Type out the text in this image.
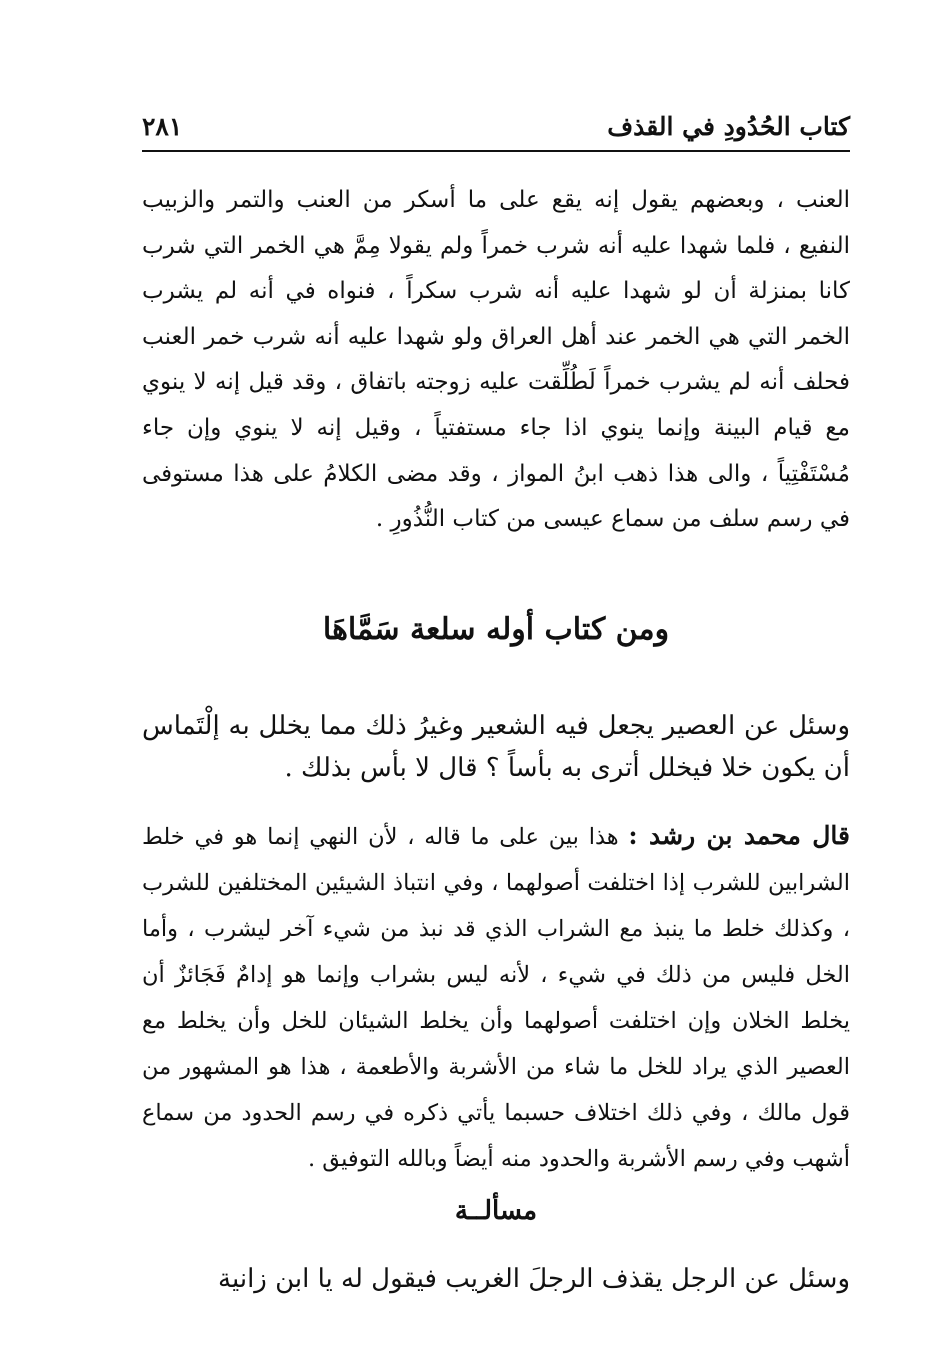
كتاب الحُدُودِ في القذف
٢٨١

العنب ، وبعضهم يقول إنه يقع على ما أسكر من العنب والتمر والزبيب النفيع ، فلما شهدا عليه أنه شرب خمراً ولم يقولا مِمَّ هي الخمر التي شرب كانا بمنزلة أن لو شهدا عليه أنه شرب سكراً ، فنواه في أنه لم يشرب الخمر التي هي الخمر عند أهل العراق ولو شهدا عليه أنه شرب خمر العنب فحلف أنه لم يشرب خمراً لَطُلِّقت عليه زوجته باتفاق ، وقد قيل إنه لا ينوي مع قيام البينة وإنما ينوي اذا جاء مستفتياً ، وقيل إنه لا ينوي وإن جاء مُسْتَفْتِياً ، والى هذا ذهب ابنُ المواز ، وقد مضى الكلامُ على هذا مستوفى في رسم سلف من سماع عيسى من كتاب النُّذُورِ .

ومن كتاب أوله سلعة سَمَّاهَا

وسئل عن العصير يجعل فيه الشعير وغيرُ ذلك مما يخلل به إلْتَماس أن يكون خلا فيخلل أترى به بأساً ؟ قال لا بأس بذلك .

قال محمد بن رشد : هذا بين على ما قاله ، لأن النهي إنما هو في خلط الشرابين للشرب إذا اختلفت أصولهما ، وفي انتباذ الشيئين المختلفين للشرب ، وكذلك خلط ما ينبذ مع الشراب الذي قد نبذ من شيء آخر ليشرب ، وأما الخل فليس من ذلك في شيء ، لأنه ليس بشراب وإنما هو إدامٌ فَجَائزٌ أن يخلط الخلان وإن اختلفت أصولهما وأن يخلط الشيئان للخل وأن يخلط مع العصير الذي يراد للخل ما شاء من الأشربة والأطعمة ، هذا هو المشهور من قول مالك ، وفي ذلك اختلاف حسبما يأتي ذكره في رسم الحدود من سماع أشهب وفي رسم الأشربة والحدود منه أيضاً وبالله التوفيق .

مسألــة

وسئل عن الرجل يقذف الرجلَ الغريب فيقول له يا ابن زانية
